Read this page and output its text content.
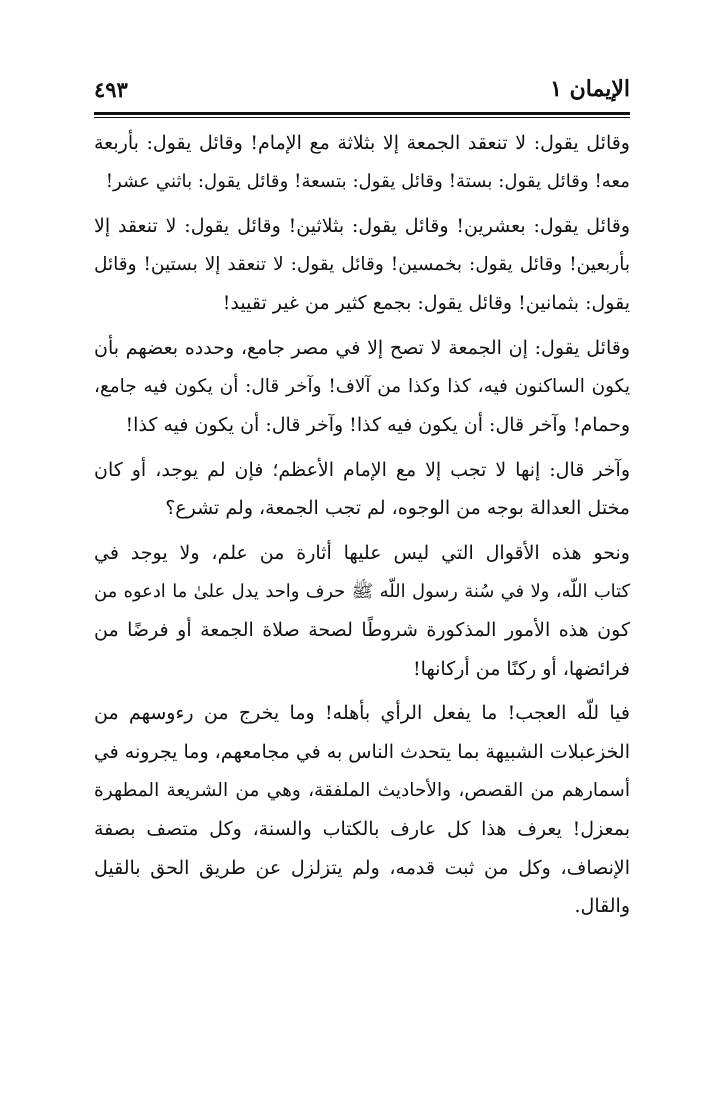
الإيمان ١
٤٩٣

وقائل يقول: لا تنعقد الجمعة إلا بثلاثة مع الإمام! وقائل يقول: بأربعة
معه! وقائل يقول: بستة! وقائل يقول: بتسعة! وقائل يقول: باثني عشر!

وقائل يقول: بعشرين! وقائل يقول: بثلاثين! وقائل يقول: لا تنعقد إلا
بأربعين! وقائل يقول: بخمسين! وقائل يقول: لا تنعقد إلا بستين! وقائل
يقول: بثمانين! وقائل يقول: بجمع كثير من غير تقييد!

وقائل يقول: إن الجمعة لا تصح إلا في مصر جامع، وحدده بعضهم بأن
يكون الساكنون فيه، كذا وكذا من آلاف! وآخر قال: أن يكون فيه جامع،
وحمام! وآخر قال: أن يكون فيه كذا! وآخر قال: أن يكون فيه كذا!

وآخر قال: إنها لا تجب إلا مع الإمام الأعظم؛ فإن لم يوجد، أو كان
مختل العدالة بوجه من الوجوه، لم تجب الجمعة، ولم تشرع؟

ونحو هذه الأقوال التي ليس عليها أثارة من علم، ولا يوجد في
كتاب اللّه، ولا في سُنة رسول اللّه ﷺ حرف واحد يدل علىٰ ما ادعوه من
كون هذه الأمور المذكورة شروطًا لصحة صلاة الجمعة أو فرضًا من
فرائضها، أو ركنًا من أركانها!

فيا للّه العجب! ما يفعل الرأي بأهله! وما يخرج من رءوسهم من
الخزعبلات الشبيهة بما يتحدث الناس به في مجامعهم، وما يجرونه في
أسمارهم من القصص، والأحاديث الملفقة، وهي من الشريعة المطهرة
بمعزل! يعرف هذا كل عارف بالكتاب والسنة، وكل متصف بصفة
الإنصاف، وكل من ثبت قدمه، ولم يتزلزل عن طريق الحق بالقيل
والقال.
